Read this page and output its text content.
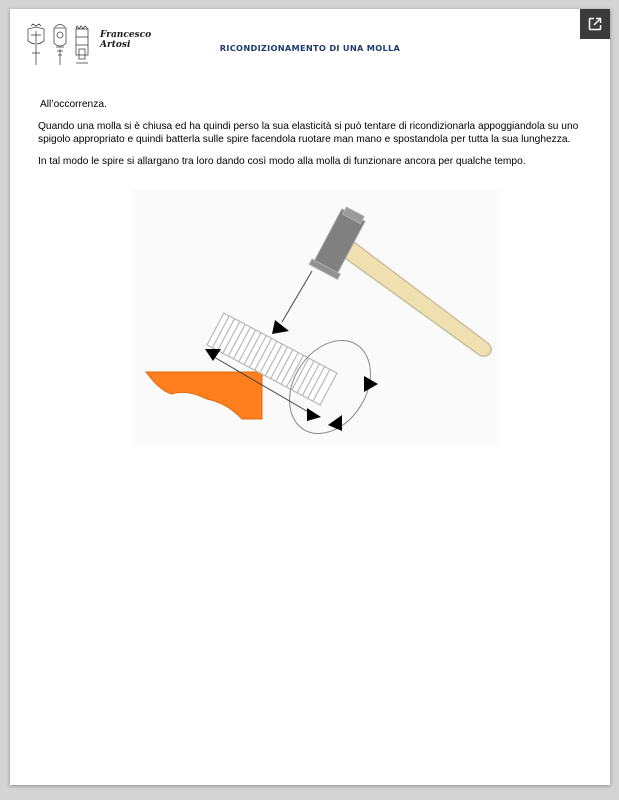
Francesco
Artosi	RICONDIZIONAMENTO DI UNA MOLLA

All’occorrenza.

Quando una molla si è chiusa ed ha quindi perso la sua elasticità si può tentare di ricondizionarla appoggiandola su uno spigolo appropriato e quindi batterla sulle spire facendola ruotare man mano e spostandola per tutta la sua lunghezza.

In tal modo le spire si allargano tra loro dando così modo alla molla di funzionare ancora per qualche tempo.
